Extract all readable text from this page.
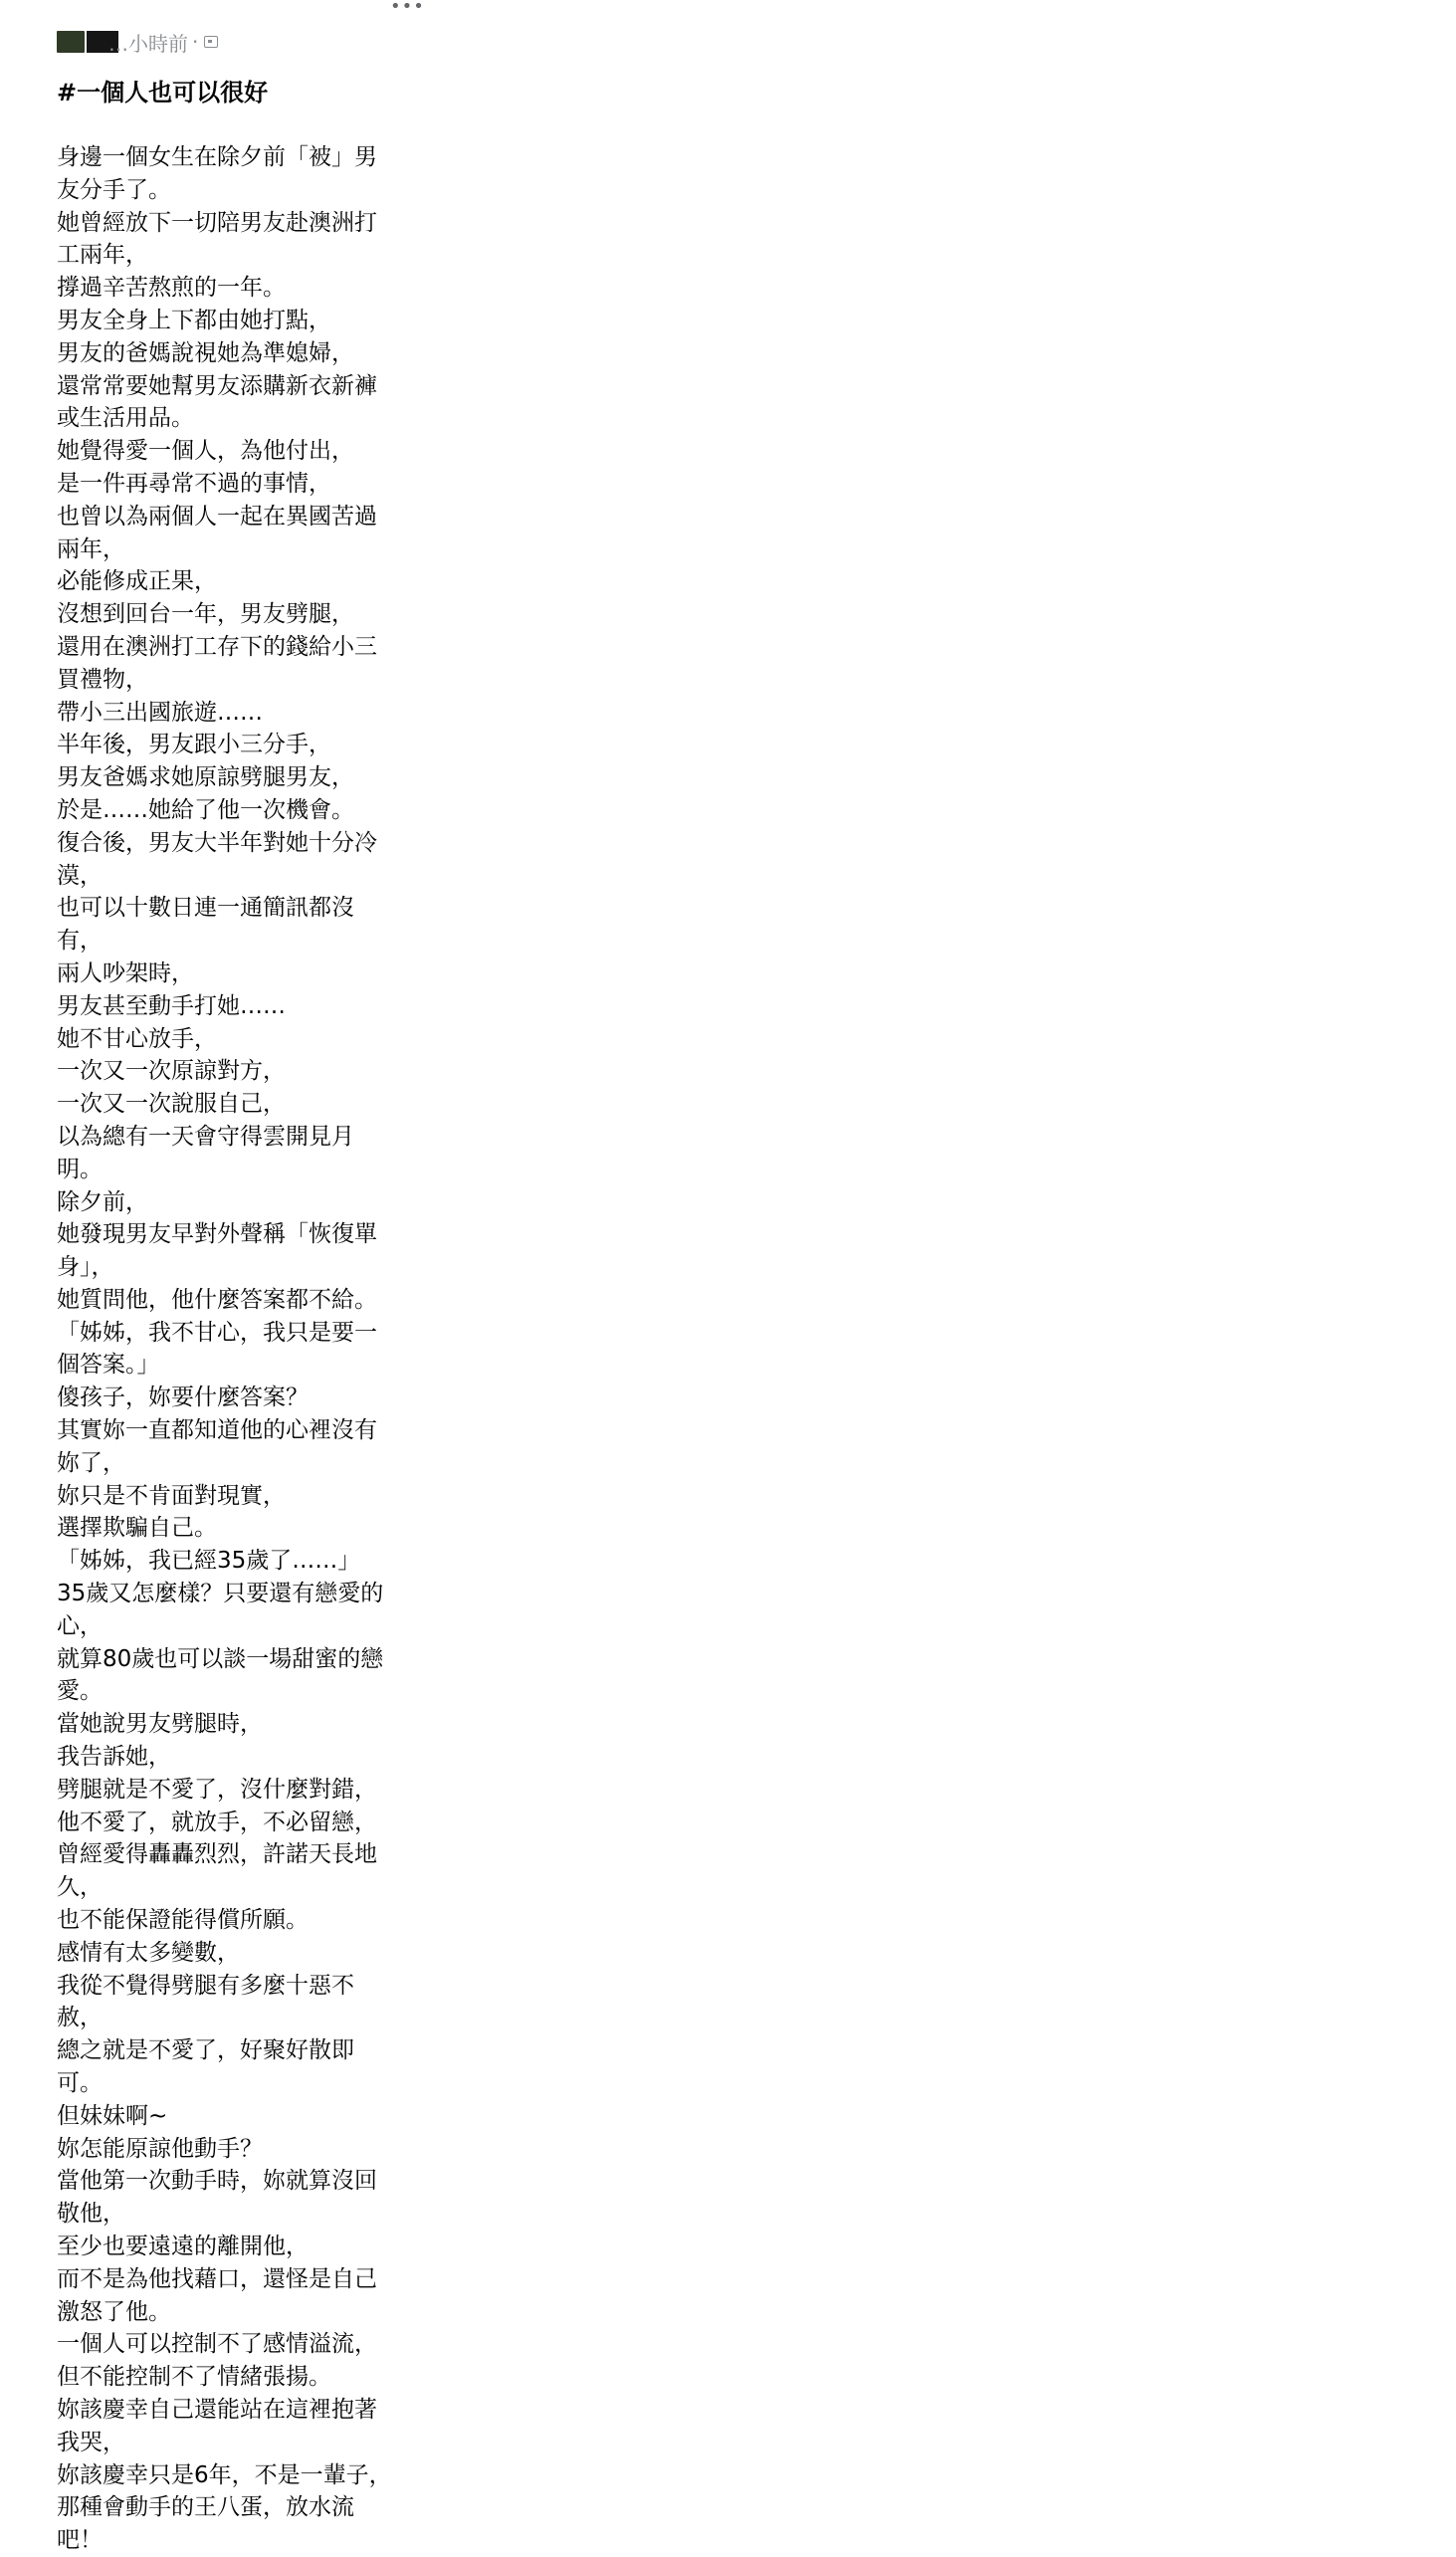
•••
…小時前 ·
#一個人也可以很好
身邊一個女生在除夕前「被」男
友分手了。
她曾經放下一切陪男友赴澳洲打
工兩年，
撐過辛苦熬煎的一年。
男友全身上下都由她打點，
男友的爸媽說視她為準媳婦，
還常常要她幫男友添購新衣新褲
或生活用品。
她覺得愛一個人，為他付出，
是一件再尋常不過的事情，
也曾以為兩個人一起在異國苦過
兩年，
必能修成正果，
沒想到回台一年，男友劈腿，
還用在澳洲打工存下的錢給小三
買禮物，
帶小三出國旅遊……
半年後，男友跟小三分手，
男友爸媽求她原諒劈腿男友，
於是……她給了他一次機會。
復合後，男友大半年對她十分冷
漠，
也可以十數日連一通簡訊都沒
有，
兩人吵架時，
男友甚至動手打她……
她不甘心放手，
一次又一次原諒對方，
一次又一次說服自己，
以為總有一天會守得雲開見月
明。
除夕前，
她發現男友早對外聲稱「恢復單
身」，
她質問他，他什麼答案都不給。
「姊姊，我不甘心，我只是要一
個答案。」
傻孩子，妳要什麼答案？
其實妳一直都知道他的心裡沒有
妳了，
妳只是不肯面對現實，
選擇欺騙自己。
「姊姊，我已經35歲了……」
35歲又怎麼樣？只要還有戀愛的
心，
就算80歲也可以談一場甜蜜的戀
愛。
當她說男友劈腿時，
我告訴她，
劈腿就是不愛了，沒什麼對錯，
他不愛了，就放手，不必留戀，
曾經愛得轟轟烈烈，許諾天長地
久，
也不能保證能得償所願。
感情有太多變數，
我從不覺得劈腿有多麼十惡不
赦，
總之就是不愛了，好聚好散即
可。
但妹妹啊~
妳怎能原諒他動手？
當他第一次動手時，妳就算沒回
敬他，
至少也要遠遠的離開他，
而不是為他找藉口，還怪是自己
激怒了他。
一個人可以控制不了感情溢流，
但不能控制不了情緒張揚。
妳該慶幸自己還能站在這裡抱著
我哭，
妳該慶幸只是6年，不是一輩子，
那種會動手的王八蛋，放水流
吧！
